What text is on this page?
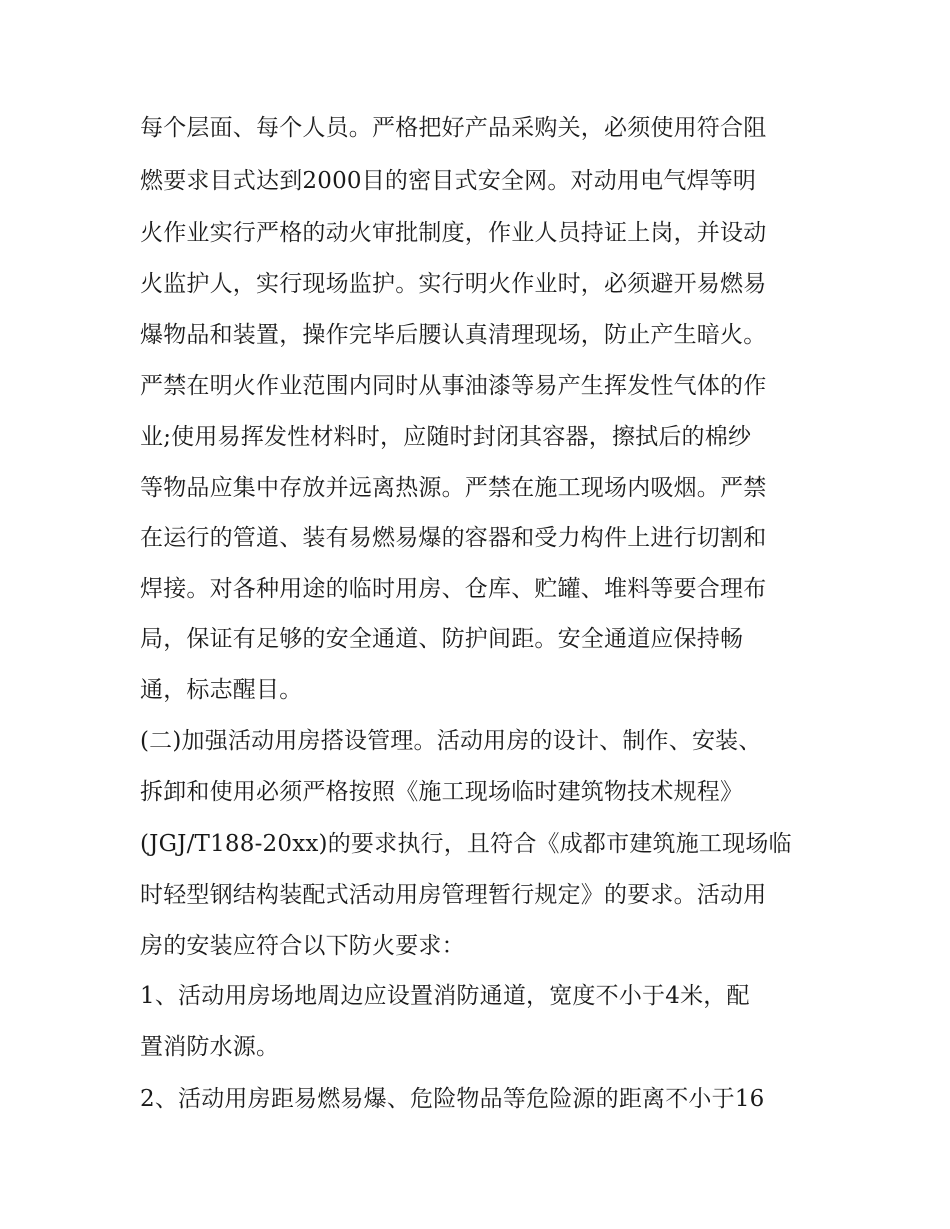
每个层面、每个人员。严格把好产品采购关，必须使用符合阻
燃要求目式达到2000目的密目式安全网。对动用电气焊等明
火作业实行严格的动火审批制度，作业人员持证上岗，并设动
火监护人，实行现场监护。实行明火作业时，必须避开易燃易
爆物品和装置，操作完毕后腰认真清理现场，防止产生暗火。
严禁在明火作业范围内同时从事油漆等易产生挥发性气体的作
业;使用易挥发性材料时，应随时封闭其容器，擦拭后的棉纱
等物品应集中存放并远离热源。严禁在施工现场内吸烟。严禁
在运行的管道、装有易燃易爆的容器和受力构件上进行切割和
焊接。对各种用途的临时用房、仓库、贮罐、堆料等要合理布
局，保证有足够的安全通道、防护间距。安全通道应保持畅
通，标志醒目。
(二)加强活动用房搭设管理。活动用房的设计、制作、安装、
拆卸和使用必须严格按照《施工现场临时建筑物技术规程》
(JGJ/T188-20xx)的要求执行，且符合《成都市建筑施工现场临
时轻型钢结构装配式活动用房管理暂行规定》的要求。活动用
房的安装应符合以下防火要求：
1、活动用房场地周边应设置消防通道，宽度不小于4米，配
置消防水源。
2、活动用房距易燃易爆、危险物品等危险源的距离不小于16
